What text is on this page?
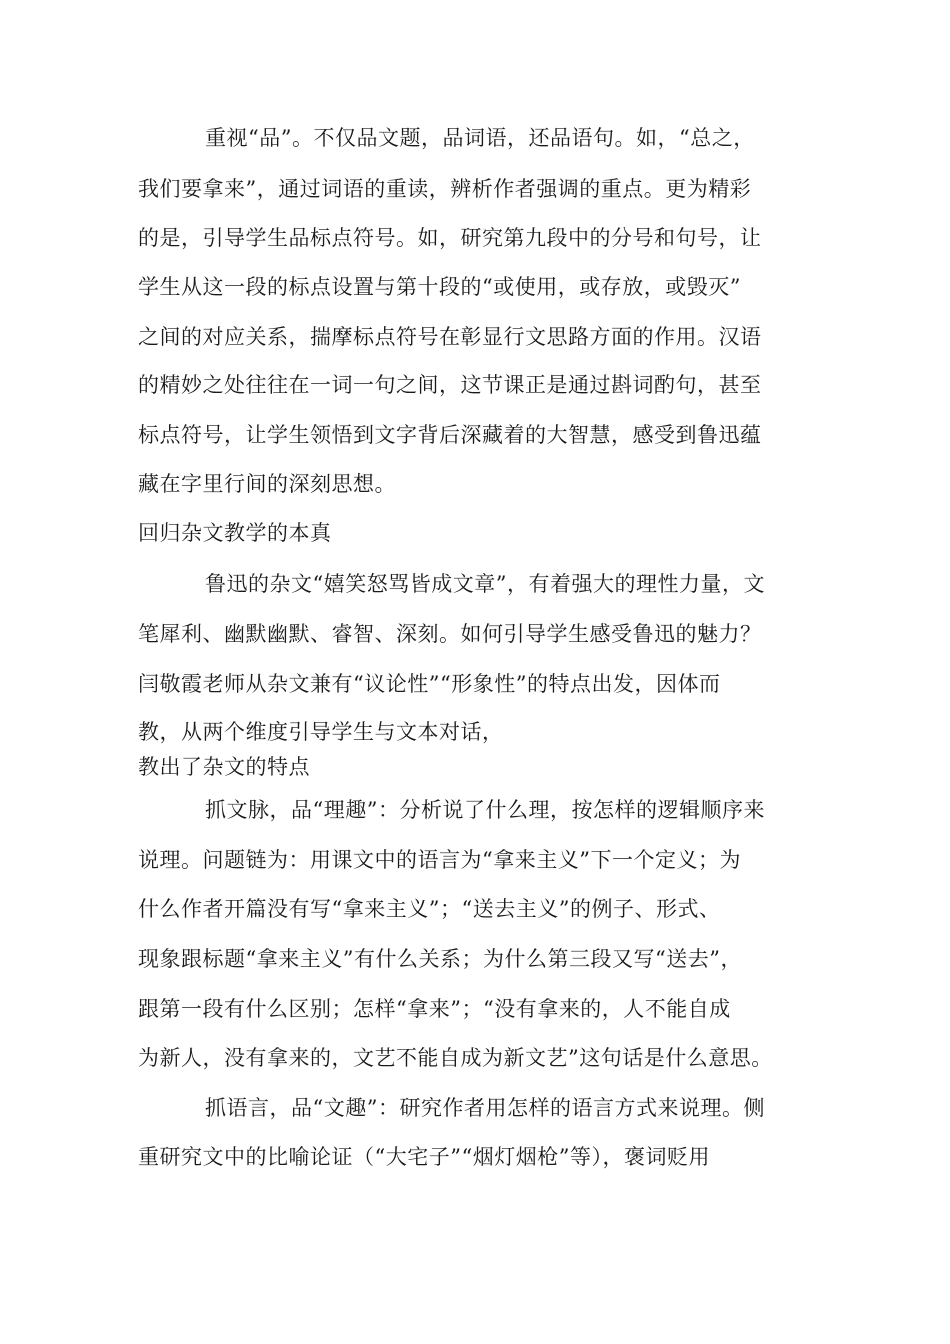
重视“品”。不仅品文题，品词语，还品语句。如，“总之，
我们要拿来”，通过词语的重读，辨析作者强调的重点。更为精彩
的是，引导学生品标点符号。如，研究第九段中的分号和句号，让
学生从这一段的标点设置与第十段的“或使用，或存放，或毁灭”
之间的对应关系，揣摩标点符号在彰显行文思路方面的作用。汉语
的精妙之处往往在一词一句之间，这节课正是通过斟词酌句，甚至
标点符号，让学生领悟到文字背后深藏着的大智慧，感受到鲁迅蕴
藏在字里行间的深刻思想。
回归杂文教学的本真
鲁迅的杂文“嬉笑怒骂皆成文章”，有着强大的理性力量，文
笔犀利、幽默幽默、睿智、深刻。如何引导学生感受鲁迅的魅力？
闫敬霞老师从杂文兼有“议论性”“形象性”的特点出发，因体而
教，从两个维度引导学生与文本对话，
教出了杂文的特点
抓文脉，品“理趣”：分析说了什么理，按怎样的逻辑顺序来
说理。问题链为：用课文中的语言为“拿来主义”下一个定义；为
什么作者开篇没有写“拿来主义”；“送去主义”的例子、形式、
现象跟标题“拿来主义”有什么关系；为什么第三段又写“送去”，
跟第一段有什么区别；怎样“拿来”；“没有拿来的，人不能自成
为新人，没有拿来的，文艺不能自成为新文艺”这句话是什么意思。
抓语言，品“文趣”：研究作者用怎样的语言方式来说理。侧
重研究文中的比喻论证（“大宅子”“烟灯烟枪”等），褒词贬用
